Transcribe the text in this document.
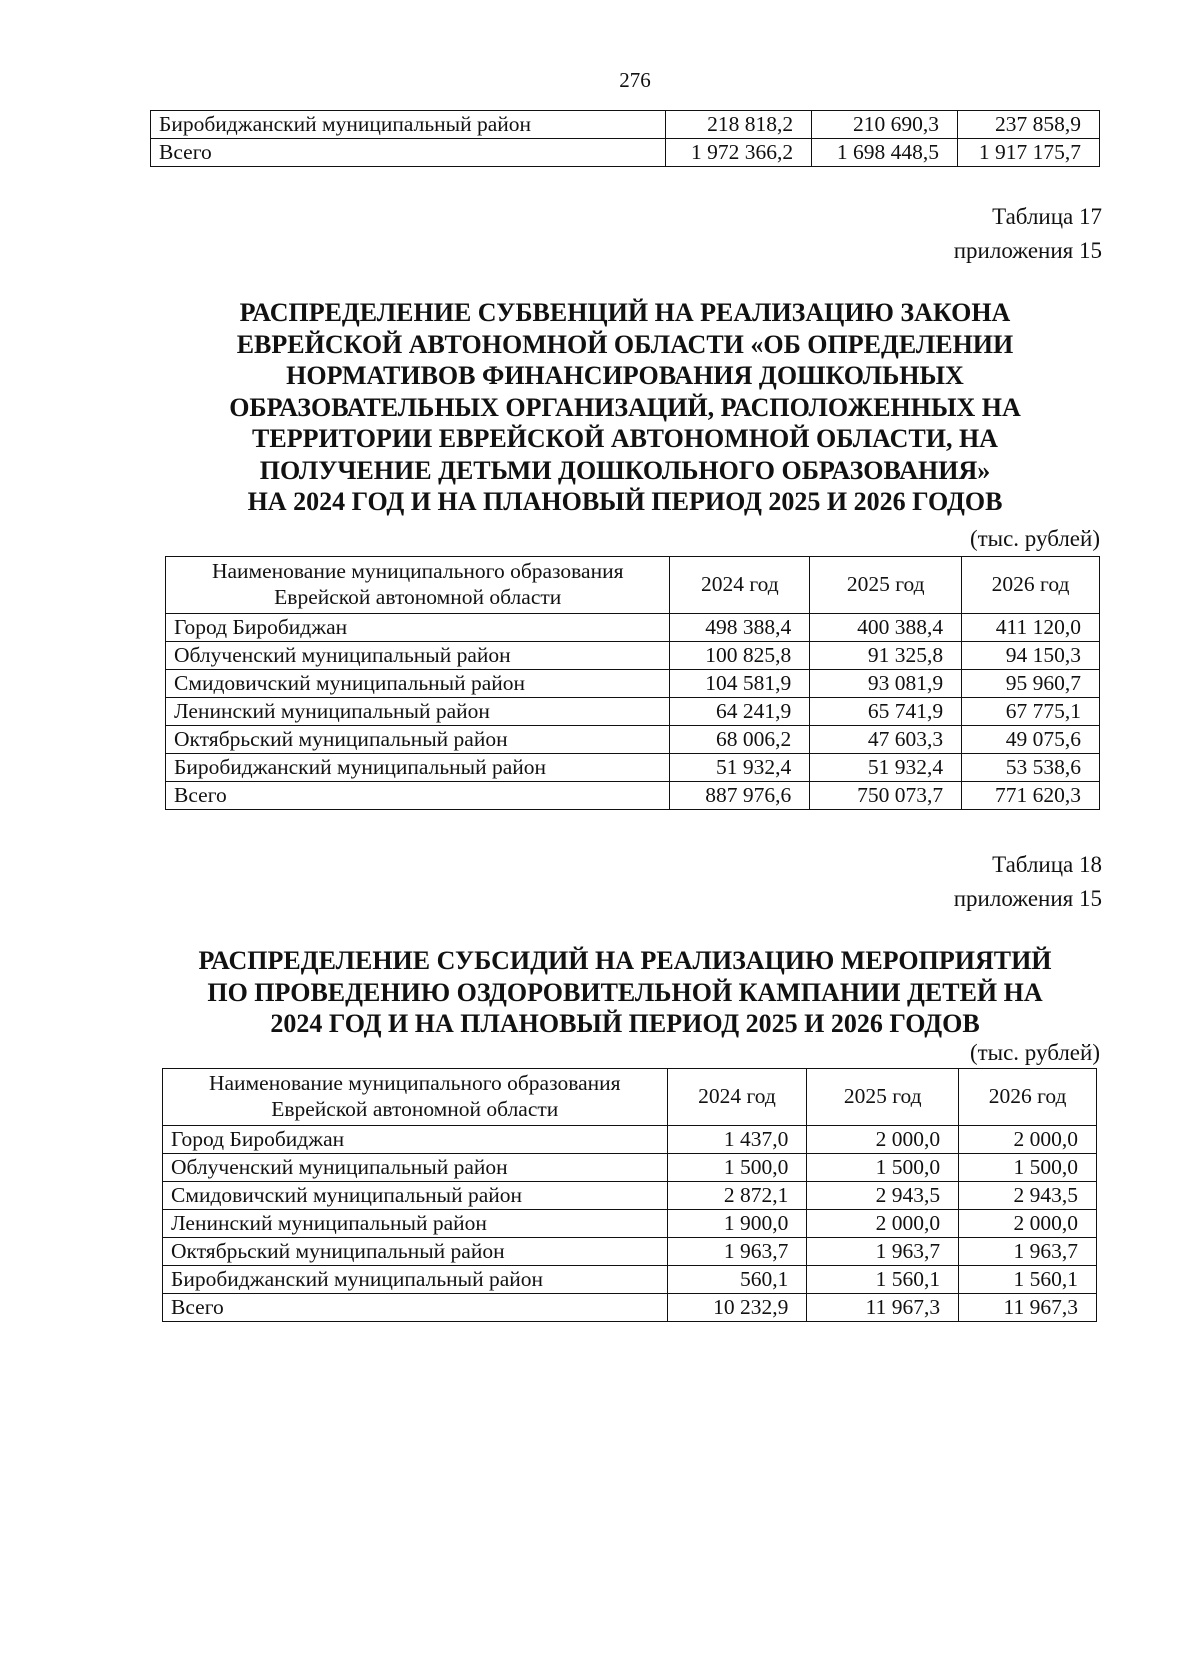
276
Биробиджанский муниципальный район	218 818,2	210 690,3	237 858,9
Всего	1 972 366,2	1 698 448,5	1 917 175,7
Таблица 17
приложения 15
РАСПРЕДЕЛЕНИЕ СУБВЕНЦИЙ НА РЕАЛИЗАЦИЮ ЗАКОНА
ЕВРЕЙСКОЙ АВТОНОМНОЙ ОБЛАСТИ «ОБ ОПРЕДЕЛЕНИИ
НОРМАТИВОВ ФИНАНСИРОВАНИЯ ДОШКОЛЬНЫХ
ОБРАЗОВАТЕЛЬНЫХ ОРГАНИЗАЦИЙ, РАСПОЛОЖЕННЫХ НА
ТЕРРИТОРИИ ЕВРЕЙСКОЙ АВТОНОМНОЙ ОБЛАСТИ, НА
ПОЛУЧЕНИЕ ДЕТЬМИ ДОШКОЛЬНОГО ОБРАЗОВАНИЯ»
НА 2024 ГОД И НА ПЛАНОВЫЙ ПЕРИОД 2025 И 2026 ГОДОВ
(тыс. рублей)
Наименование муниципального образования
Еврейской автономной области	2024 год	2025 год	2026 год
Город Биробиджан	498 388,4	400 388,4	411 120,0
Облученский муниципальный район	100 825,8	91 325,8	94 150,3
Смидовичский муниципальный район	104 581,9	93 081,9	95 960,7
Ленинский муниципальный район	64 241,9	65 741,9	67 775,1
Октябрьский муниципальный район	68 006,2	47 603,3	49 075,6
Биробиджанский муниципальный район	51 932,4	51 932,4	53 538,6
Всего	887 976,6	750 073,7	771 620,3
Таблица 18
приложения 15
РАСПРЕДЕЛЕНИЕ СУБСИДИЙ НА РЕАЛИЗАЦИЮ МЕРОПРИЯТИЙ
ПО ПРОВЕДЕНИЮ ОЗДОРОВИТЕЛЬНОЙ КАМПАНИИ ДЕТЕЙ НА
2024 ГОД И НА ПЛАНОВЫЙ ПЕРИОД 2025 И 2026 ГОДОВ
(тыс. рублей)
Наименование муниципального образования
Еврейской автономной области	2024 год	2025 год	2026 год
Город Биробиджан	1 437,0	2 000,0	2 000,0
Облученский муниципальный район	1 500,0	1 500,0	1 500,0
Смидовичский муниципальный район	2 872,1	2 943,5	2 943,5
Ленинский муниципальный район	1 900,0	2 000,0	2 000,0
Октябрьский муниципальный район	1 963,7	1 963,7	1 963,7
Биробиджанский муниципальный район	560,1	1 560,1	1 560,1
Всего	10 232,9	11 967,3	11 967,3
